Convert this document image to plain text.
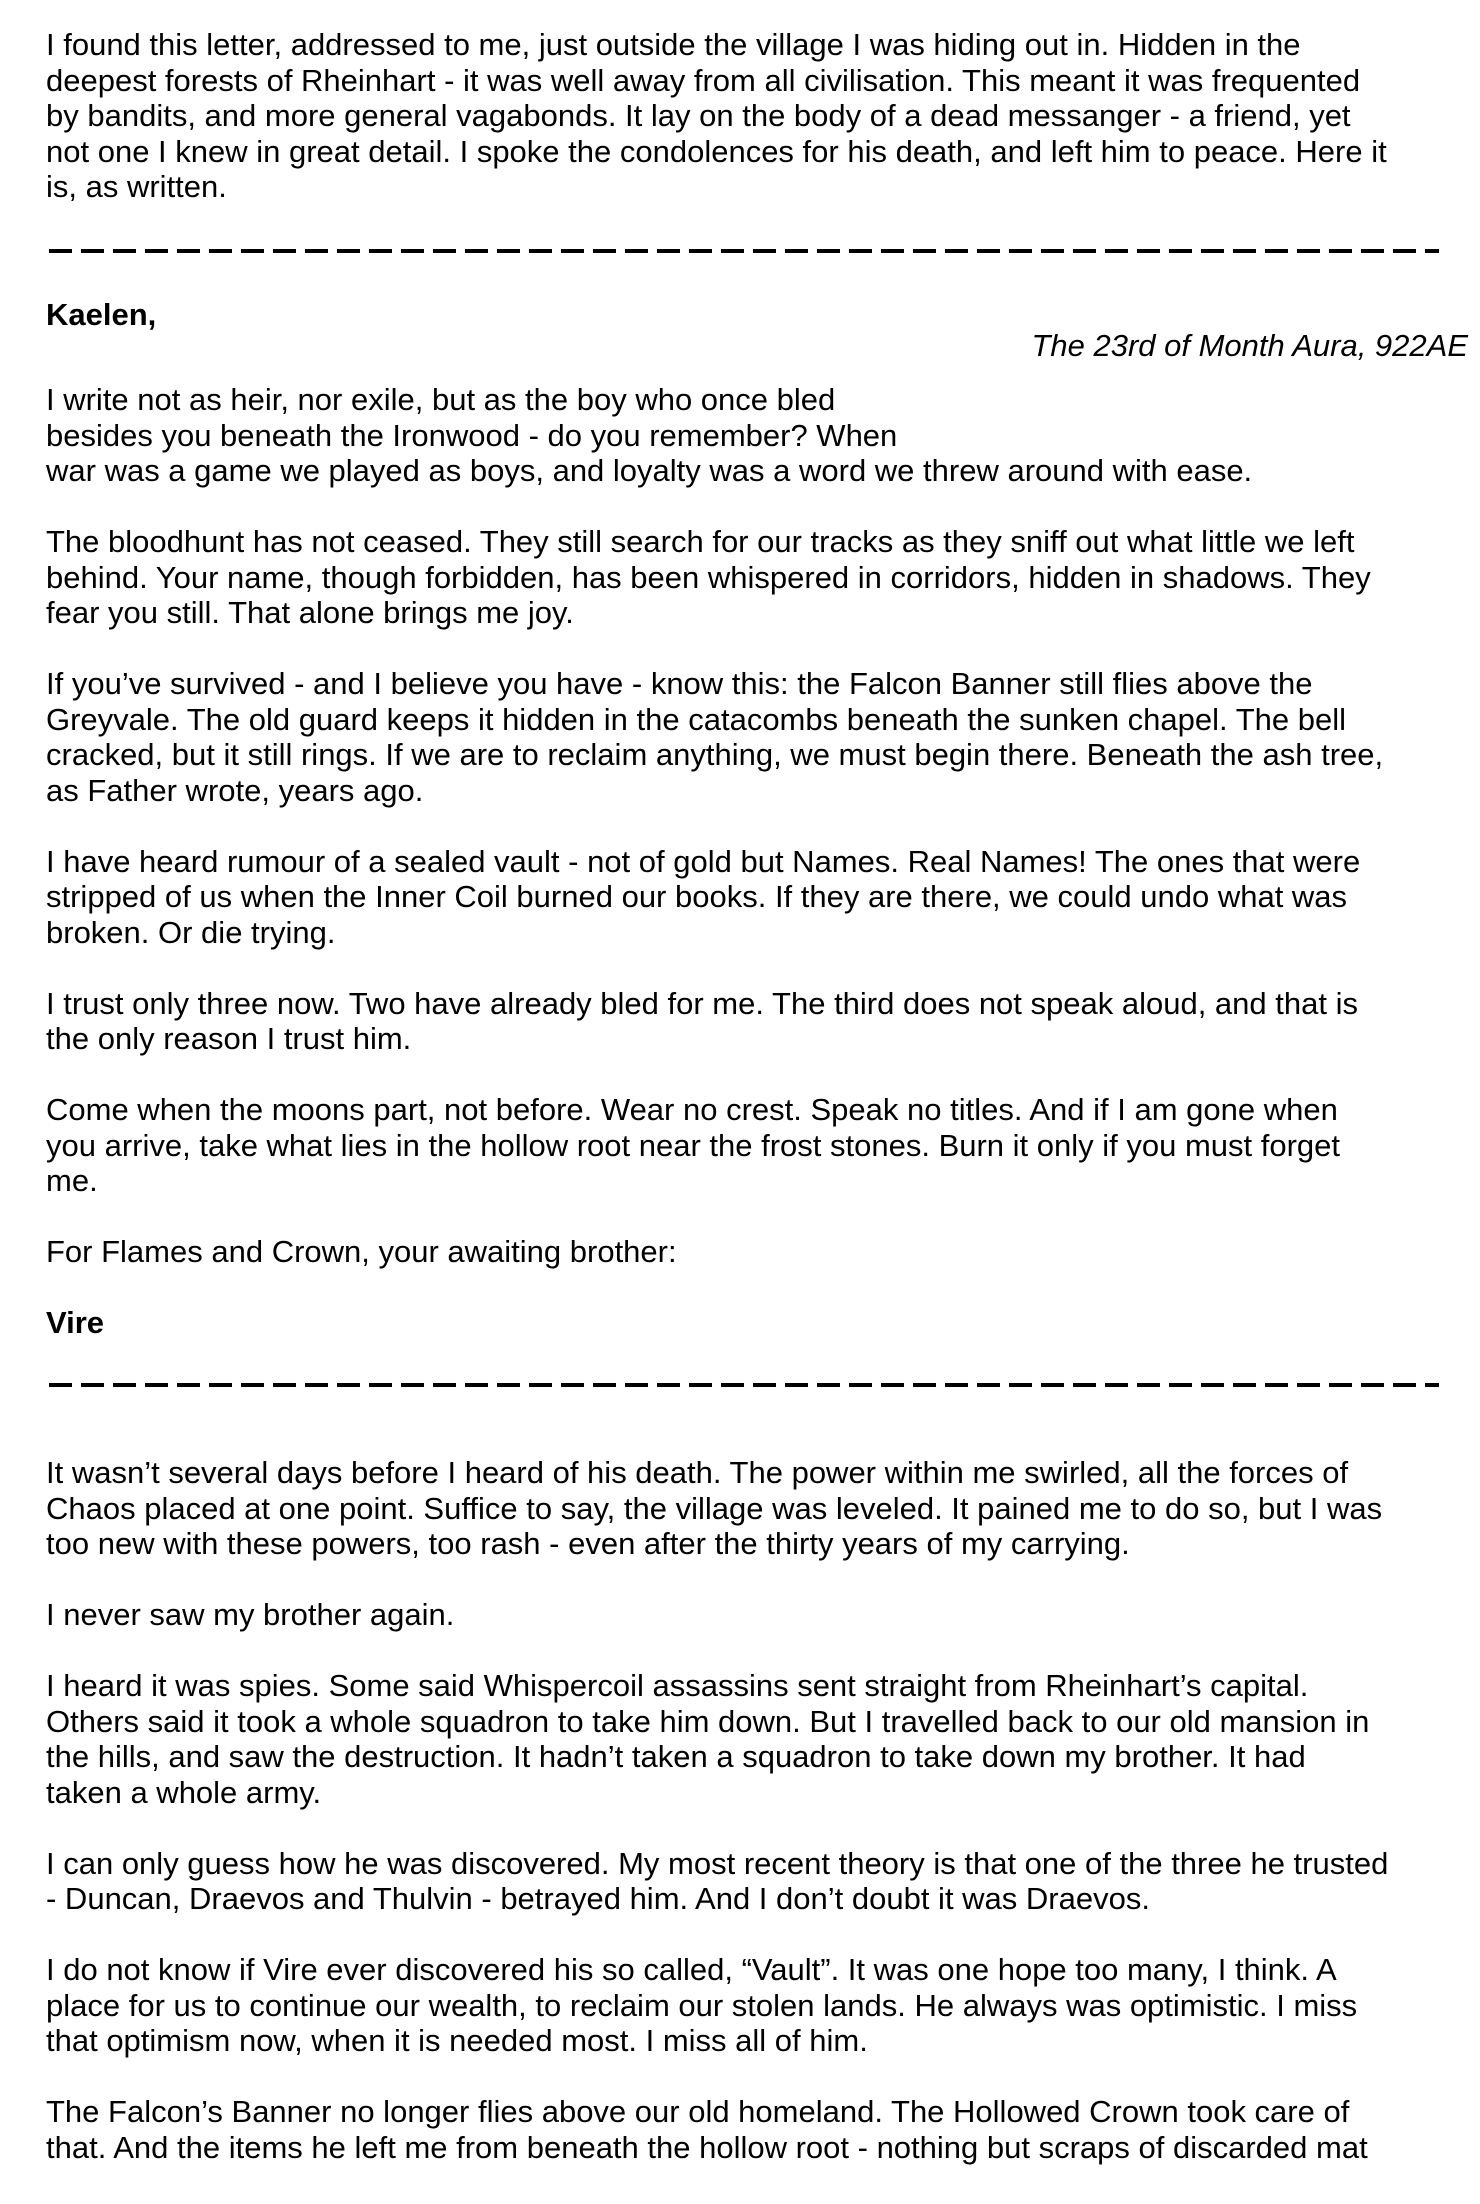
I found this letter, addressed to me, just outside the village I was hiding out in. Hidden in the
deepest forests of Rheinhart - it was well away from all civilisation. This meant it was frequented
by bandits, and more general vagabonds. It lay on the body of a dead messanger - a friend, yet
not one I knew in great detail. I spoke the condolences for his death, and left him to peace. Here it
is, as written.
Kaelen,
The 23rd of Month Aura, 922AE
I write not as heir, nor exile, but as the boy who once bled
besides you beneath the Ironwood - do you remember? When
war was a game we played as boys, and loyalty was a word we threw around with ease.
The bloodhunt has not ceased. They still search for our tracks as they sniff out what little we left
behind. Your name, though forbidden, has been whispered in corridors, hidden in shadows. They
fear you still. That alone brings me joy.
If you’ve survived - and I believe you have - know this: the Falcon Banner still flies above the
Greyvale. The old guard keeps it hidden in the catacombs beneath the sunken chapel. The bell
cracked, but it still rings. If we are to reclaim anything, we must begin there. Beneath the ash tree,
as Father wrote, years ago.
I have heard rumour of a sealed vault - not of gold but Names. Real Names! The ones that were
stripped of us when the Inner Coil burned our books. If they are there, we could undo what was
broken. Or die trying.
I trust only three now. Two have already bled for me. The third does not speak aloud, and that is
the only reason I trust him.
Come when the moons part, not before. Wear no crest. Speak no titles. And if I am gone when
you arrive, take what lies in the hollow root near the frost stones. Burn it only if you must forget
me.
For Flames and Crown, your awaiting brother:
Vire
It wasn’t several days before I heard of his death. The power within me swirled, all the forces of
Chaos placed at one point. Suffice to say, the village was leveled. It pained me to do so, but I was
too new with these powers, too rash - even after the thirty years of my carrying.
I never saw my brother again.
I heard it was spies. Some said Whispercoil assassins sent straight from Rheinhart’s capital.
Others said it took a whole squadron to take him down. But I travelled back to our old mansion in
the hills, and saw the destruction. It hadn’t taken a squadron to take down my brother. It had
taken a whole army.
I can only guess how he was discovered. My most recent theory is that one of the three he trusted
- Duncan, Draevos and Thulvin - betrayed him. And I don’t doubt it was Draevos.
I do not know if Vire ever discovered his so called, “Vault”. It was one hope too many, I think. A
place for us to continue our wealth, to reclaim our stolen lands. He always was optimistic. I miss
that optimism now, when it is needed most. I miss all of him.
The Falcon’s Banner no longer flies above our old homeland. The Hollowed Crown took care of
that. And the items he left me from beneath the hollow root - nothing but scraps of discarded mat
